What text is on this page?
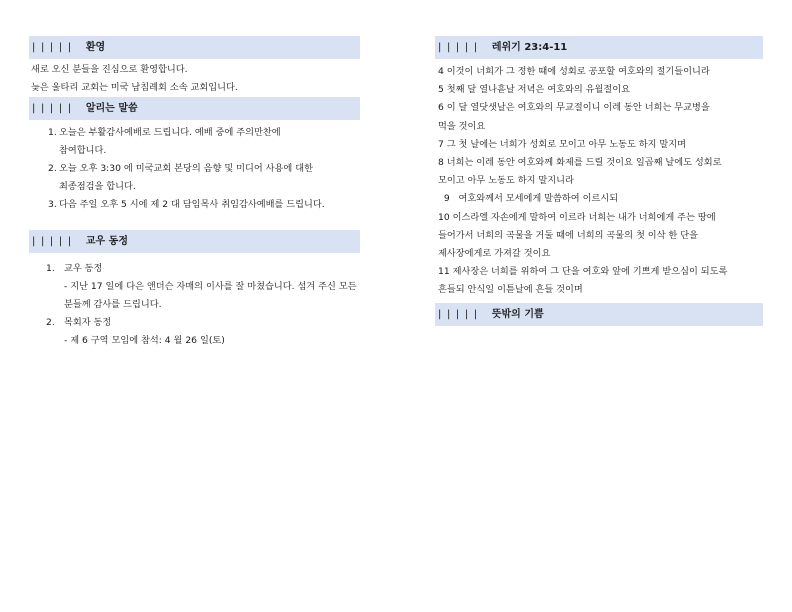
| | | | | 환영
새로 오신 분들을 진심으로 환영합니다.
늦은 울타리 교회는 미국 남침례회 소속 교회입니다.
| | | | | 알리는 말씀
1. 오늘은 부활감사예배로 드립니다. 예배 중에 주의만찬에
참여합니다.
2. 오늘 오후 3:30 에 미국교회 본당의 음향 및 미디어 사용에 대한
최종점검을 합니다.
3. 다음 주일 오후 5 시에 제 2 대 담임목사 취임감사예배를 드립니다.
| | | | | 교우 동정
1. 교우 동정
- 지난 17 일에 다은 앤더슨 자매의 이사를 잘 마쳤습니다. 섬겨 주신 모든
분들께 감사를 드립니다.
2. 목회자 동정
- 제 6 구역 모임에 참석: 4 월 26 일(토)
| | | | | 레위기 23:4-11
4 이것이 너희가 그 정한 때에 성회로 공포할 여호와의 절기들이니라
5 첫째 달 열나흗날 저녁은 여호와의 유월절이요
6 이 달 열닷샛날은 여호와의 무교절이니 이레 동안 너희는 무교병을
먹을 것이요
7 그 첫 날에는 너희가 성회로 모이고 아무 노동도 하지 말지며
8 너희는 이레 동안 여호와께 화제를 드릴 것이요 일곱째 날에도 성회로
모이고 아무 노동도 하지 말지니라
9   여호와께서 모세에게 말씀하여 이르시되
10 이스라엘 자손에게 말하여 이르라 너희는 내가 너희에게 주는 땅에
들어가서 너희의 곡물을 거둘 때에 너희의 곡물의 첫 이삭 한 단을
제사장에게로 가져갈 것이요
11 제사장은 너희를 위하여 그 단을 여호와 앞에 기쁘게 받으심이 되도록
흔들되 안식일 이튿날에 흔들 것이며
| | | | | 뜻밖의 기쁨
